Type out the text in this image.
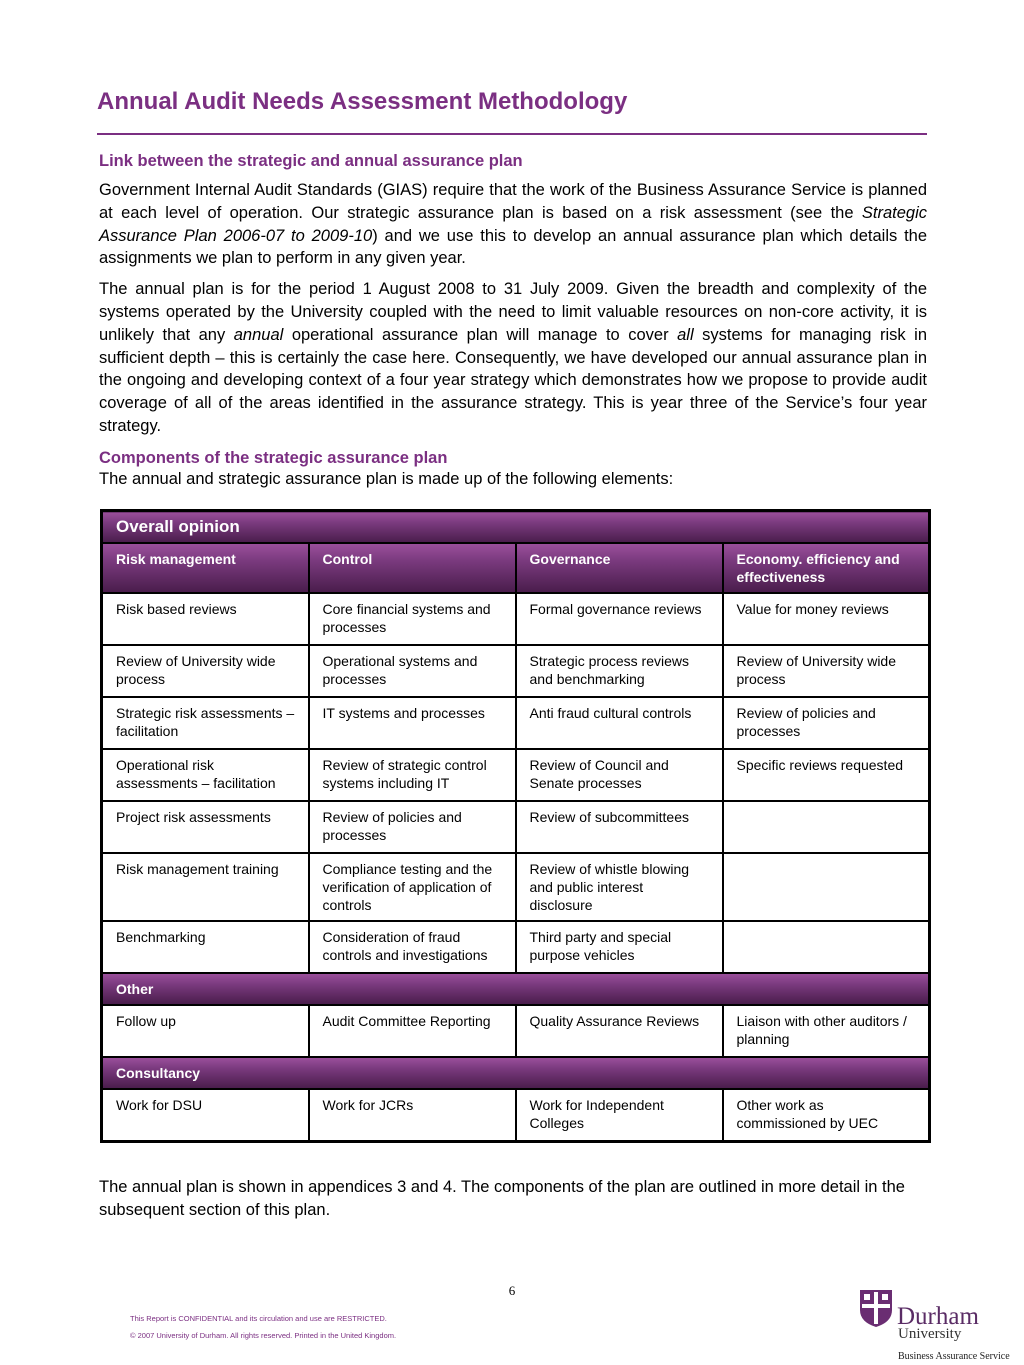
Annual Audit Needs Assessment Methodology
Link between the strategic and annual assurance plan

Government Internal Audit Standards (GIAS) require that the work of the Business Assurance Service is planned at each level of operation. Our strategic assurance plan is based on a risk assessment (see the Strategic Assurance Plan 2006-07 to 2009-10) and we use this to develop an annual assurance plan which details the assignments we plan to perform in any given year.

The annual plan is for the period 1 August 2008 to 31 July 2009. Given the breadth and complexity of the systems operated by the University coupled with the need to limit valuable resources on non-core activity, it is unlikely that any annual operational assurance plan will manage to cover all systems for managing risk in sufficient depth – this is certainly the case here. Consequently, we have developed our annual assurance plan in the ongoing and developing context of a four year strategy which demonstrates how we propose to provide audit coverage of all of the areas identified in the assurance strategy. This is year three of the Service’s four year strategy.

Components of the strategic assurance plan

The annual and strategic assurance plan is made up of the following elements:

Overall opinion			
Risk management	Control	Governance	Economy. efficiency and effectiveness
Risk based reviews	Core financial systems and processes	Formal governance reviews	Value for money reviews
Review of University wide process	Operational systems and processes	Strategic process reviews and benchmarking	Review of University wide process
Strategic risk assessments – facilitation	IT systems and processes	Anti fraud cultural controls	Review of policies and processes
Operational risk assessments – facilitation	Review of strategic control systems including IT	Review of Council and Senate processes	Specific reviews requested
Project risk assessments	Review of policies and processes	Review of subcommittees	
Risk management training	Compliance testing and the verification of application of controls	Review of whistle blowing and public interest disclosure	
Benchmarking	Consideration of fraud controls and investigations	Third party and special purpose vehicles	
Other			
Follow up	Audit Committee Reporting	Quality Assurance Reviews	Liaison with other auditors / planning
Consultancy			
Work for DSU	Work for JCRs	Work for Independent Colleges	Other work as commissioned by UEC

The annual plan is shown in appendices 3 and 4. The components of the plan are outlined in more detail in the subsequent section of this plan.

6
This Report is CONFIDENTIAL and its circulation and use are RESTRICTED.
© 2007 University of Durham. All rights reserved. Printed in the United Kingdom.
Durham
University
Business Assurance Service
